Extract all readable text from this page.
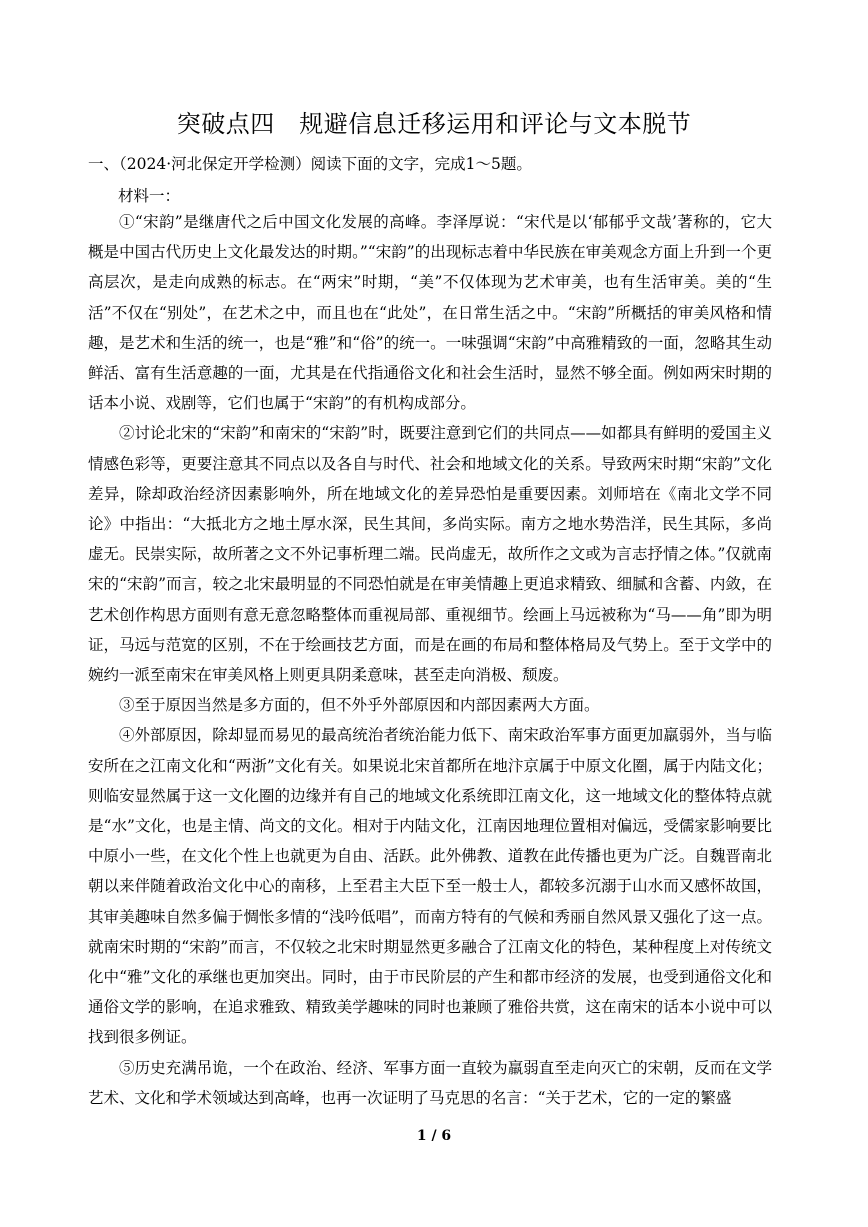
突破点四　规避信息迁移运用和评论与文本脱节
一、（2024·河北保定开学检测）阅读下面的文字，完成1～5题。
材料一：

①“宋韵”是继唐代之后中国文化发展的高峰。李泽厚说：“宋代是以‘郁郁乎文哉’著称的，它大概是中国古代历史上文化最发达的时期。”“宋韵”的出现标志着中华民族在审美观念方面上升到一个更高层次，是走向成熟的标志。在“两宋”时期，“美”不仅体现为艺术审美，也有生活审美。美的“生活”不仅在“别处”，在艺术之中，而且也在“此处”，在日常生活之中。“宋韵”所概括的审美风格和情趣，是艺术和生活的统一，也是“雅”和“俗”的统一。一味强调“宋韵”中高雅精致的一面，忽略其生动鲜活、富有生活意趣的一面，尤其是在代指通俗文化和社会生活时，显然不够全面。例如两宋时期的话本小说、戏剧等，它们也属于“宋韵”的有机构成部分。

②讨论北宋的“宋韵”和南宋的“宋韵”时，既要注意到它们的共同点——如都具有鲜明的爱国主义情感色彩等，更要注意其不同点以及各自与时代、社会和地域文化的关系。导致两宋时期“宋韵”文化差异，除却政治经济因素影响外，所在地域文化的差异恐怕是重要因素。刘师培在《南北文学不同论》中指出：“大抵北方之地土厚水深，民生其间，多尚实际。南方之地水势浩洋，民生其际，多尚虚无。民崇实际，故所著之文不外记事析理二端。民尚虚无，故所作之文或为言志抒情之体。”仅就南宋的“宋韵”而言，较之北宋最明显的不同恐怕就是在审美情趣上更追求精致、细腻和含蓄、内敛，在艺术创作构思方面则有意无意忽略整体而重视局部、重视细节。绘画上马远被称为“马——角”即为明证，马远与范宽的区别，不在于绘画技艺方面，而是在画的布局和整体格局及气势上。至于文学中的婉约一派至南宋在审美风格上则更具阴柔意味，甚至走向消极、颓废。

③至于原因当然是多方面的，但不外乎外部原因和内部因素两大方面。

④外部原因，除却显而易见的最高统治者统治能力低下、南宋政治军事方面更加羸弱外，当与临安所在之江南文化和“两浙”文化有关。如果说北宋首都所在地汴京属于中原文化圈，属于内陆文化；则临安显然属于这一文化圈的边缘并有自己的地域文化系统即江南文化，这一地域文化的整体特点就是“水”文化，也是主情、尚文的文化。相对于内陆文化，江南因地理位置相对偏远，受儒家影响要比中原小一些，在文化个性上也就更为自由、活跃。此外佛教、道教在此传播也更为广泛。自魏晋南北朝以来伴随着政治文化中心的南移，上至君主大臣下至一般士人，都较多沉溺于山水而又感怀故国，其审美趣味自然多偏于惆怅多情的“浅吟低唱”，而南方特有的气候和秀丽自然风景又强化了这一点。就南宋时期的“宋韵”而言，不仅较之北宋时期显然更多融合了江南文化的特色，某种程度上对传统文化中“雅”文化的承继也更加突出。同时，由于市民阶层的产生和都市经济的发展，也受到通俗文化和通俗文学的影响，在追求雅致、精致美学趣味的同时也兼顾了雅俗共赏，这在南宋的话本小说中可以找到很多例证。

⑤历史充满吊诡，一个在政治、经济、军事方面一直较为羸弱直至走向灭亡的宋朝，反而在文学艺术、文化和学术领域达到高峰，也再一次证明了马克思的名言：“关于艺术，它的一定的繁盛

1 / 6
